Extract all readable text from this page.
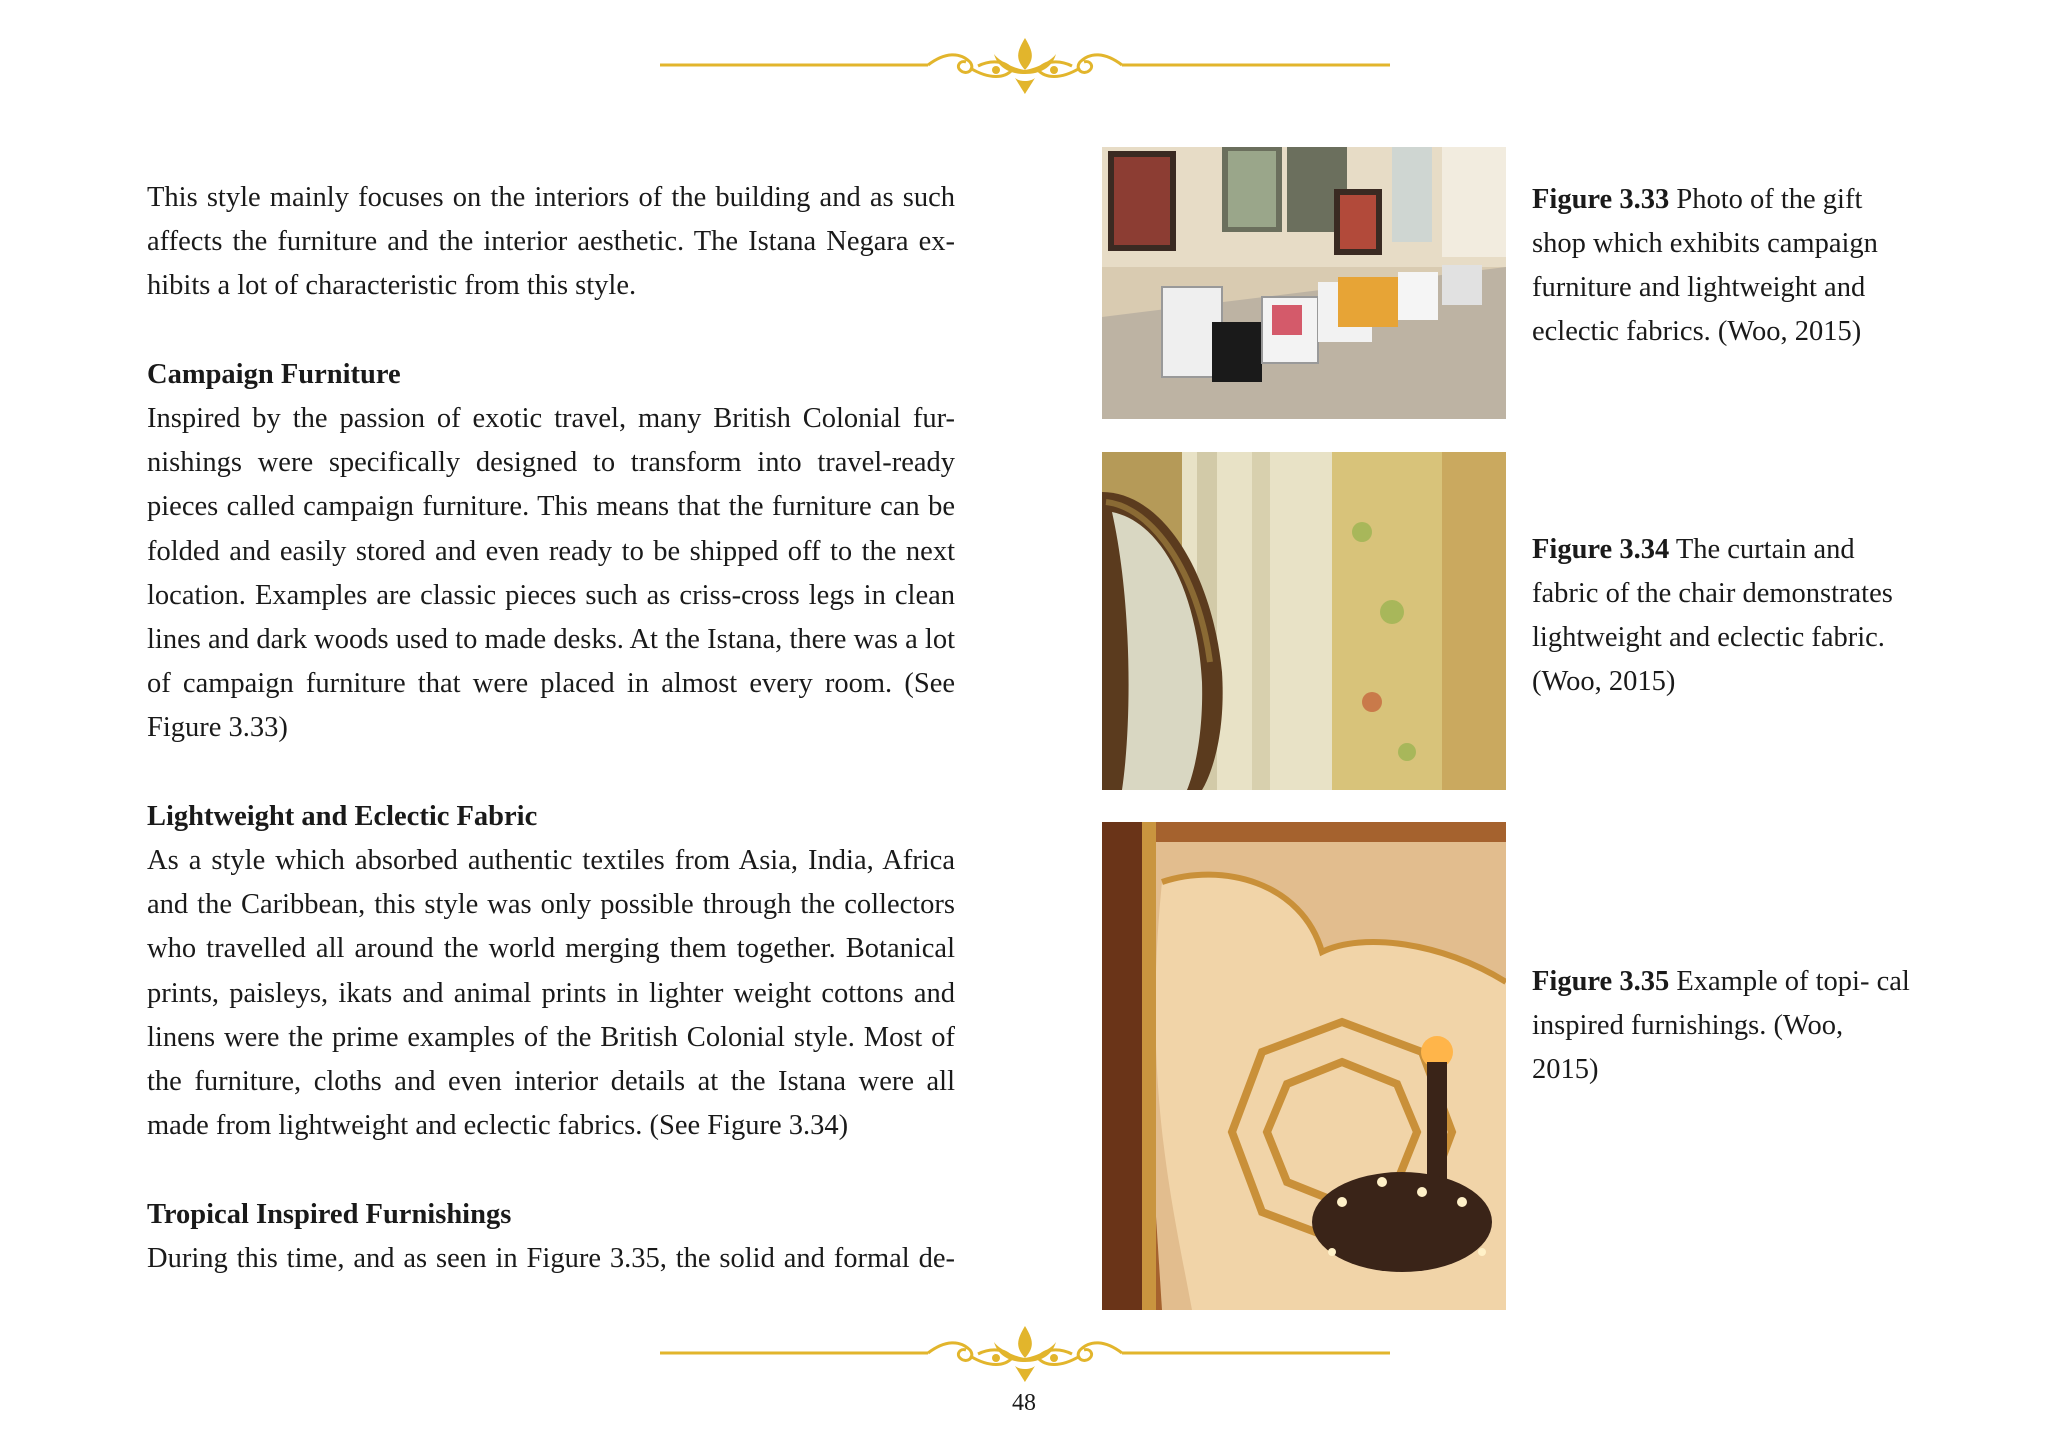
This style mainly focuses on the interiors of the building and as such affects the furniture and the interior aesthetic. The Istana Negara ex-

hibits a lot of characteristic from this style.

Campaign Furniture

Inspired by the passion of exotic travel, many British Colonial fur- nishings were specifically designed to transform into travel-ready pieces called campaign furniture. This means that the furniture can be folded and easily stored and even ready to be shipped off to the next location. Examples are classic pieces such as criss-cross legs in clean lines and dark woods used to made desks. At the Istana, there was a lot of campaign furniture that were placed in almost every room. (See Figure 3.33)

Lightweight and Eclectic Fabric

As a style which absorbed authentic textiles from Asia, India, Africa and the Caribbean, this style was only possible through the collectors who travelled all around the world merging them together. Botanical prints, paisleys, ikats and animal prints in lighter weight cottons and linens were the prime examples of the British Colonial style. Most of the furniture, cloths and even interior details at the Istana were all made from lightweight and eclectic fabrics. (See Figure 3.34)

Tropical Inspired Furnishings

During this time, and as seen in Figure 3.35, the solid and formal de-

Figure 3.33 Photo of the gift shop which exhibits campaign furniture and lightweight and eclectic fabrics. (Woo, 2015)
Figure 3.34 The curtain and fabric of the chair demonstrates lightweight and eclectic fabric. (Woo, 2015)
Figure 3.35 Example of topi- cal inspired furnishings. (Woo, 2015)
48
